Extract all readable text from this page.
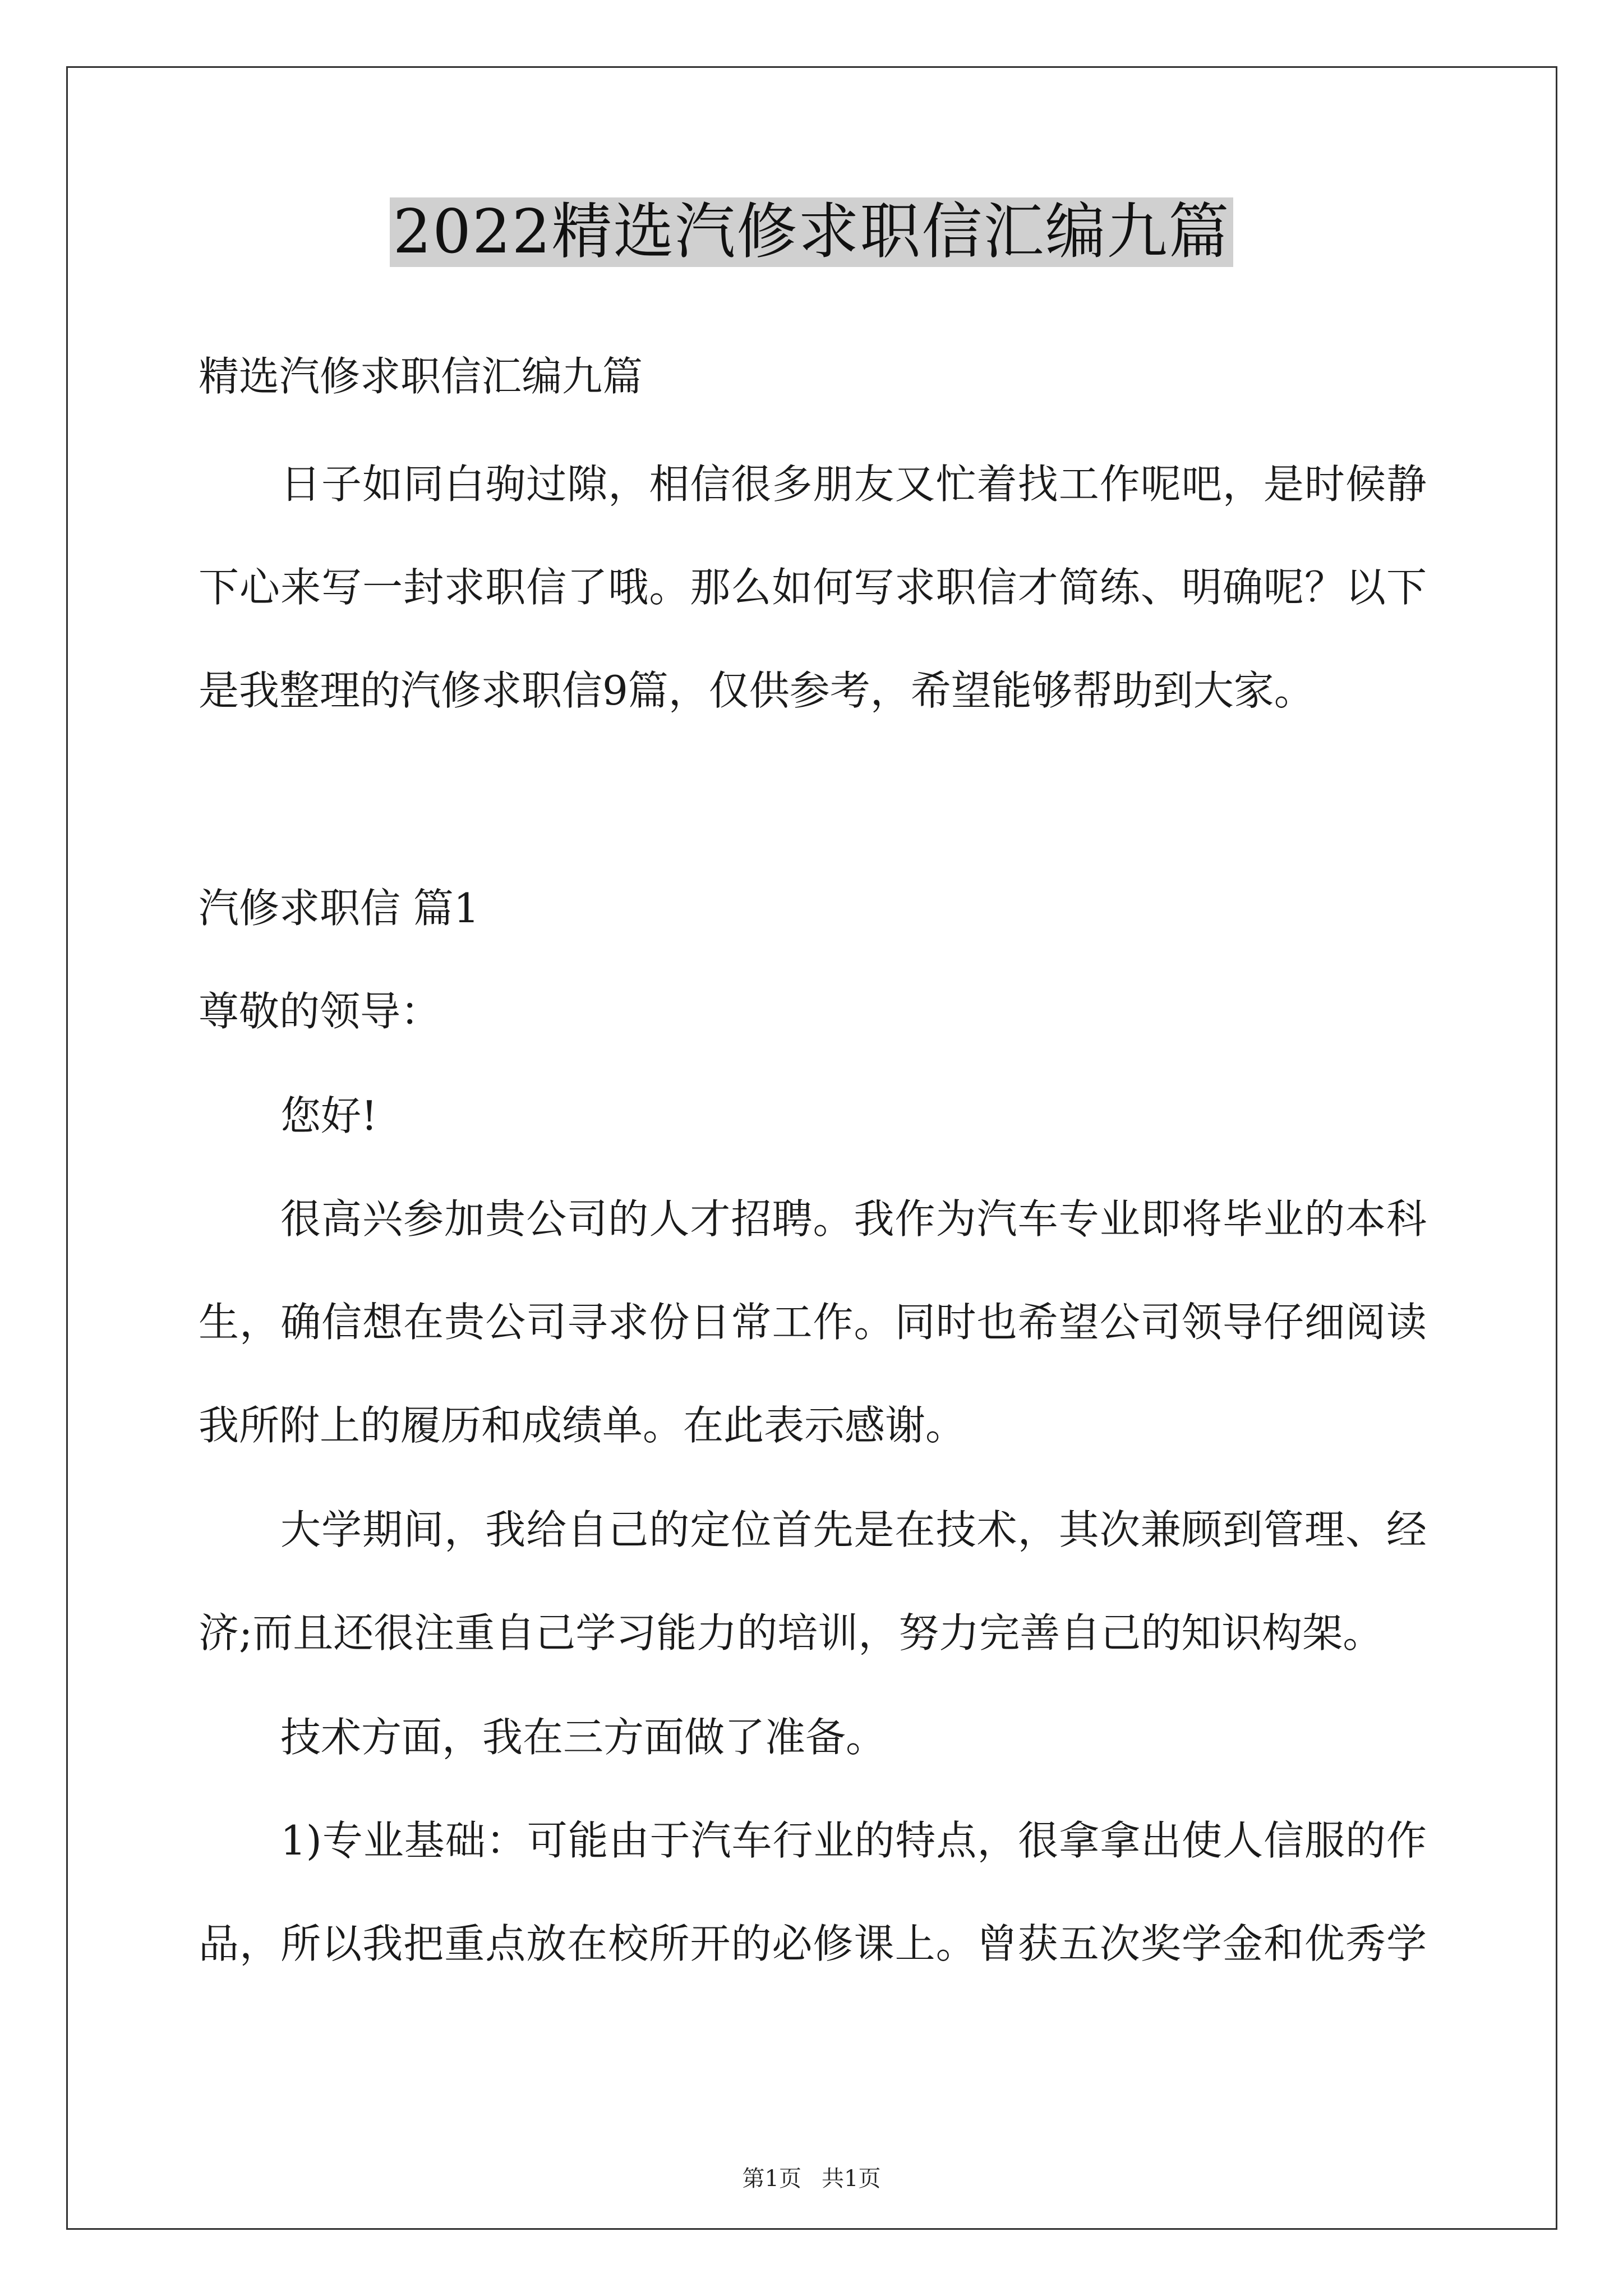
2022精选汽修求职信汇编九篇
精选汽修求职信汇编九篇
日子如同白驹过隙，相信很多朋友又忙着找工作呢吧，是时候静
下心来写一封求职信了哦。那么如何写求职信才简练、明确呢？以下
是我整理的汽修求职信9篇，仅供参考，希望能够帮助到大家。
汽修求职信 篇1
尊敬的领导：
您好!
很高兴参加贵公司的人才招聘。我作为汽车专业即将毕业的本科
生，确信想在贵公司寻求份日常工作。同时也希望公司领导仔细阅读
我所附上的履历和成绩单。在此表示感谢。
大学期间，我给自己的定位首先是在技术，其次兼顾到管理、经
济;而且还很注重自己学习能力的培训，努力完善自己的知识构架。
技术方面，我在三方面做了准备。
1)专业基础：可能由于汽车行业的特点，很拿拿出使人信服的作
品，所以我把重点放在校所开的必修课上。曾获五次奖学金和优秀学
第1页 共1页
